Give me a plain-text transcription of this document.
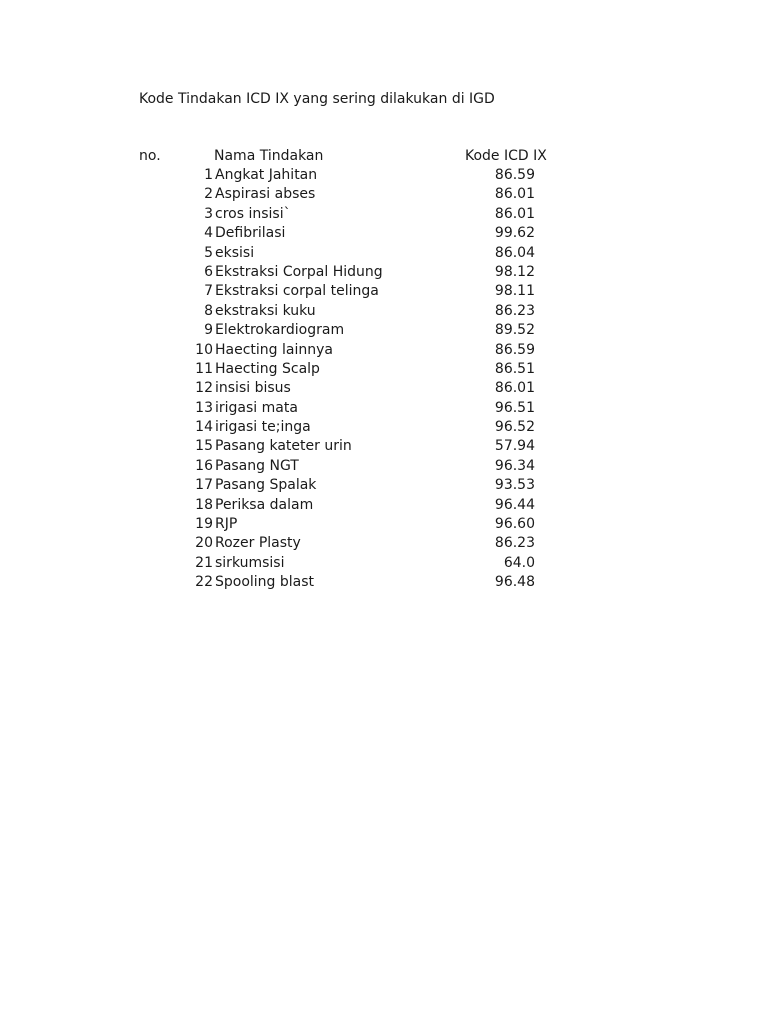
Kode Tindakan ICD IX yang sering dilakukan di IGD
no.	Nama Tindakan	Kode ICD IX
1 Angkat Jahitan	86.59
2 Aspirasi abses	86.01
3 cros insisi`	86.01
4 Defibrilasi	99.62
5 eksisi	86.04
6 Ekstraksi Corpal Hidung	98.12
7 Ekstraksi corpal telinga	98.11
8 ekstraksi kuku	86.23
9 Elektrokardiogram	89.52
10 Haecting lainnya	86.59
11 Haecting Scalp	86.51
12 insisi bisus	86.01
13 irigasi mata	96.51
14 irigasi te;inga	96.52
15 Pasang kateter urin	57.94
16 Pasang NGT	96.34
17 Pasang Spalak	93.53
18 Periksa dalam	96.44
19 RJP	96.60
20 Rozer Plasty	86.23
21 sirkumsisi	64.0
22 Spooling blast	96.48
